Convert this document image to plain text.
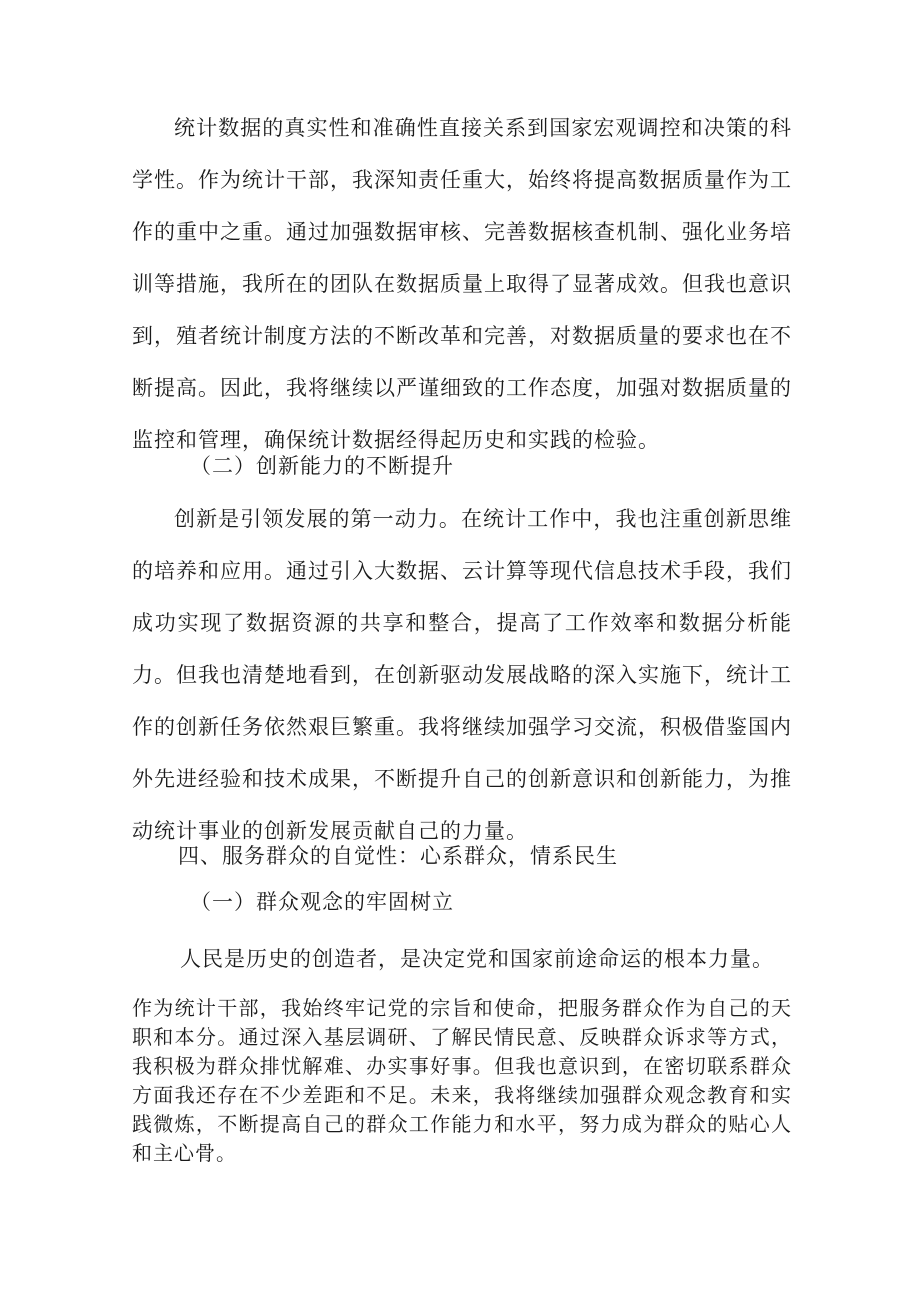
统计数据的真实性和准确性直接关系到国家宏观调控和决策的科学性。作为统计干部，我深知责任重大，始终将提高数据质量作为工作的重中之重。通过加强数据审核、完善数据核查机制、强化业务培训等措施，我所在的团队在数据质量上取得了显著成效。但我也意识到，殖者统计制度方法的不断改革和完善，对数据质量的要求也在不断提高。因此，我将继续以严谨细致的工作态度，加强对数据质量的监控和管理，确保统计数据经得起历史和实践的检验。

（二）创新能力的不断提升

创新是引领发展的第一动力。在统计工作中，我也注重创新思维的培养和应用。通过引入大数据、云计算等现代信息技术手段，我们成功实现了数据资源的共享和整合，提高了工作效率和数据分析能力。但我也清楚地看到，在创新驱动发展战略的深入实施下，统计工作的创新任务依然艰巨繁重。我将继续加强学习交流，积极借鉴国内外先进经验和技术成果，不断提升自己的创新意识和创新能力，为推动统计事业的创新发展贡献自己的力量。

四、服务群众的自觉性：心系群众，情系民生

（一）群众观念的牢固树立

人民是历史的创造者，是决定党和国家前途命运的根本力量。

作为统计干部，我始终牢记党的宗旨和使命，把服务群众作为自己的天职和本分。通过深入基层调研、了解民情民意、反映群众诉求等方式，我积极为群众排忧解难、办实事好事。但我也意识到，在密切联系群众方面我还存在不少差距和不足。未来，我将继续加强群众观念教育和实践微炼，不断提高自己的群众工作能力和水平，努力成为群众的贴心人和主心骨。
